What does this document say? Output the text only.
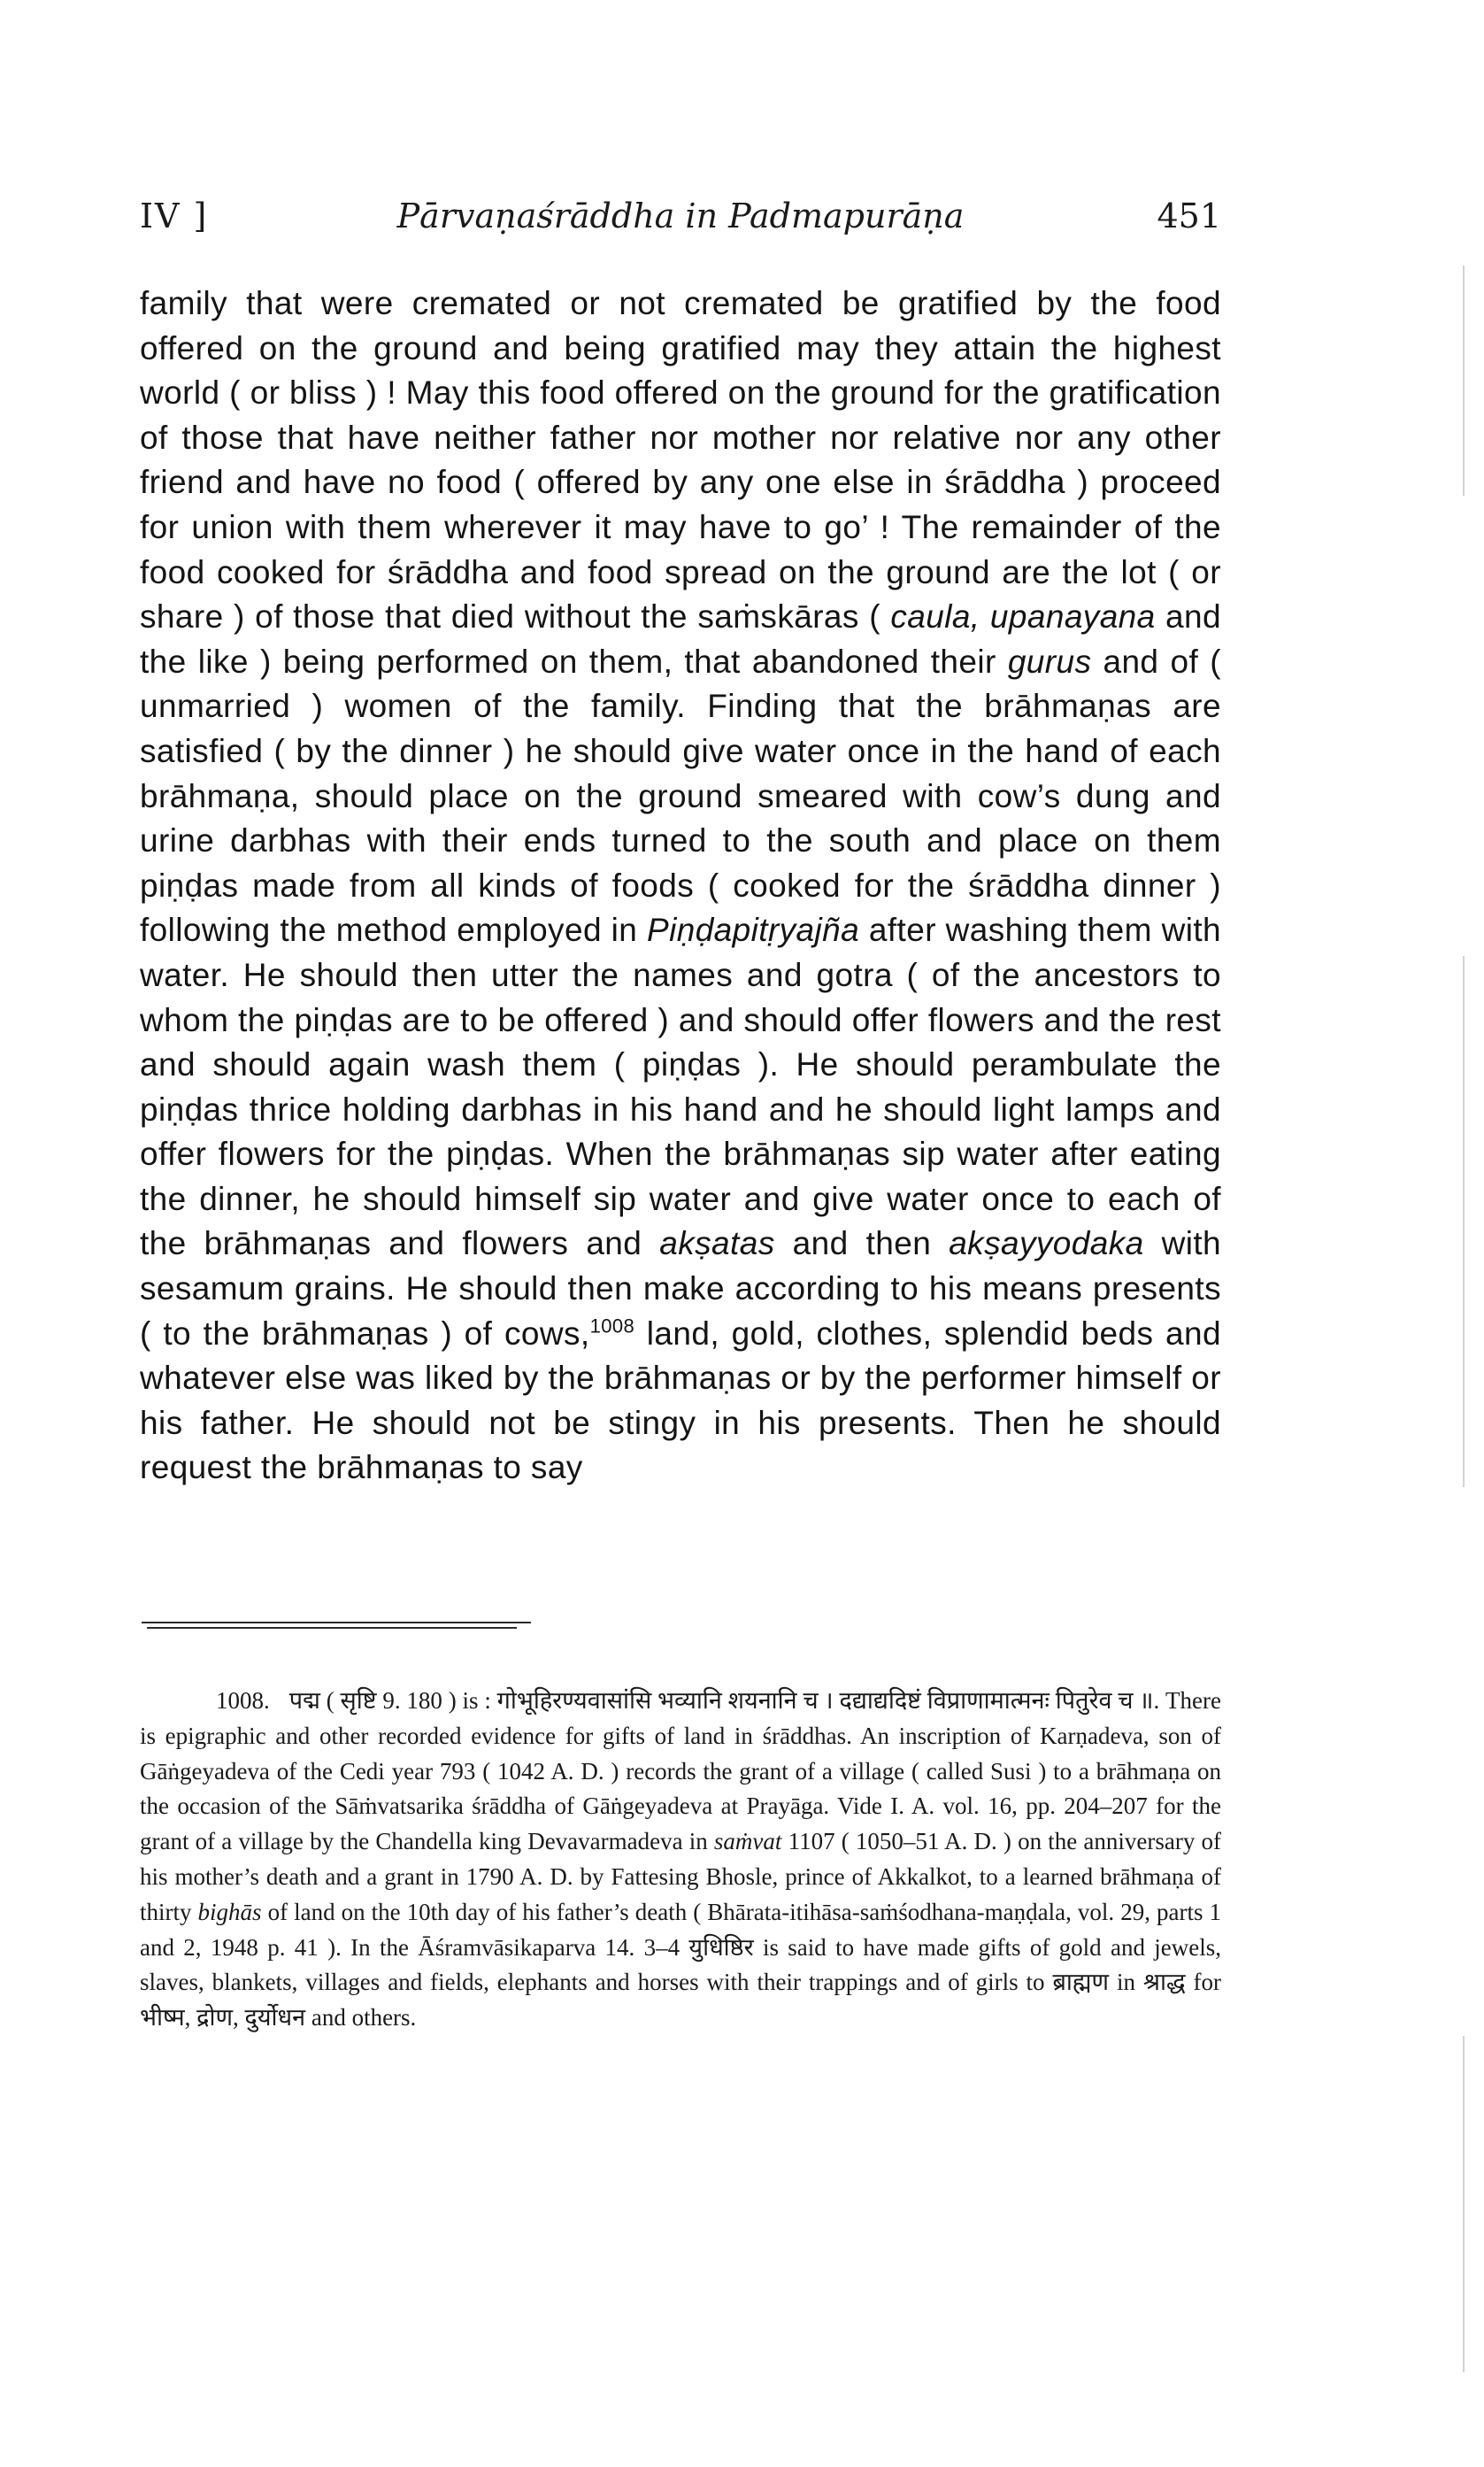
IV ]	Pārvaṇaśrāddha in Padmapurāṇa	451

family that were cremated or not cremated be gratified by the food offered on the ground and being gratified may they attain the highest world ( or bliss ) ! May this food offered on the ground for the gratification of those that have neither father nor mother nor relative nor any other friend and have no food ( offered by any one else in śrāddha ) proceed for union with them wherever it may have to go’ ! The remainder of the food cooked for śrāddha and food spread on the ground are the lot ( or share ) of those that died without the saṁskāras ( caula, upanayana and the like ) being performed on them, that abandoned their gurus and of ( unmarried ) women of the family. Finding that the brāhmaṇas are satisfied ( by the dinner ) he should give water once in the hand of each brāhmaṇa, should place on the ground smeared with cow’s dung and urine darbhas with their ends turned to the south and place on them piṇḍas made from all kinds of foods ( cooked for the śrāddha dinner ) following the method employed in Piṇḍapitṛyajña after washing them with water. He should then utter the names and gotra ( of the ancestors to whom the piṇḍas are to be offered ) and should offer flowers and the rest and should again wash them ( piṇḍas ). He should perambulate the piṇḍas thrice holding darbhas in his hand and he should light lamps and offer flowers for the piṇḍas. When the brāhmaṇas sip water after eating the dinner, he should himself sip water and give water once to each of the brāhmaṇas and flowers and akṣatas and then akṣayyodaka with sesamum grains. He should then make according to his means presents ( to the brāhmaṇas ) of cows,$^{1008}$ land, gold, clothes, splendid beds and whatever else was liked by the brāhmaṇas or by the performer himself or his father. He should not be stingy in his presents. Then he should request the brāhmaṇas to say

1008. पद्म ( सृष्टि 9. 180 ) is : गोभूहिरण्यवासांसि भव्यानि शयनानि च । दद्याद्यदिष्टं विप्राणामात्मनः पितुरेव च ॥. There is epigraphic and other recorded evidence for gifts of land in śrāddhas. An inscription of Karṇadeva, son of Gāṅgeyadeva of the Cedi year 793 ( 1042 A. D. ) records the grant of a village ( called Susi ) to a brāhmaṇa on the occasion of the Sāṁvatsarika śrāddha of Gāṅgeyadeva at Prayāga. Vide I. A. vol. 16, pp. 204–207 for the grant of a village by the Chandella king Devavarmadeva in saṁvat 1107 ( 1050–51 A. D. ) on the anniversary of his mother’s death and a grant in 1790 A. D. by Fattesing Bhosle, prince of Akkalkot, to a learned brāhmaṇa of thirty bighās of land on the 10th day of his father’s death ( Bhārata-itihāsa-saṁśodhana-maṇḍala, vol. 29, parts 1 and 2, 1948 p. 41 ). In the Āśramvāsikaparva 14. 3–4 युधिष्ठिर is said to have made gifts of gold and jewels, slaves, blankets, villages and fields, elephants and horses with their trappings and of girls to ब्राह्मण in श्राद्ध for भीष्म, द्रोण, दुर्योधन and others.
